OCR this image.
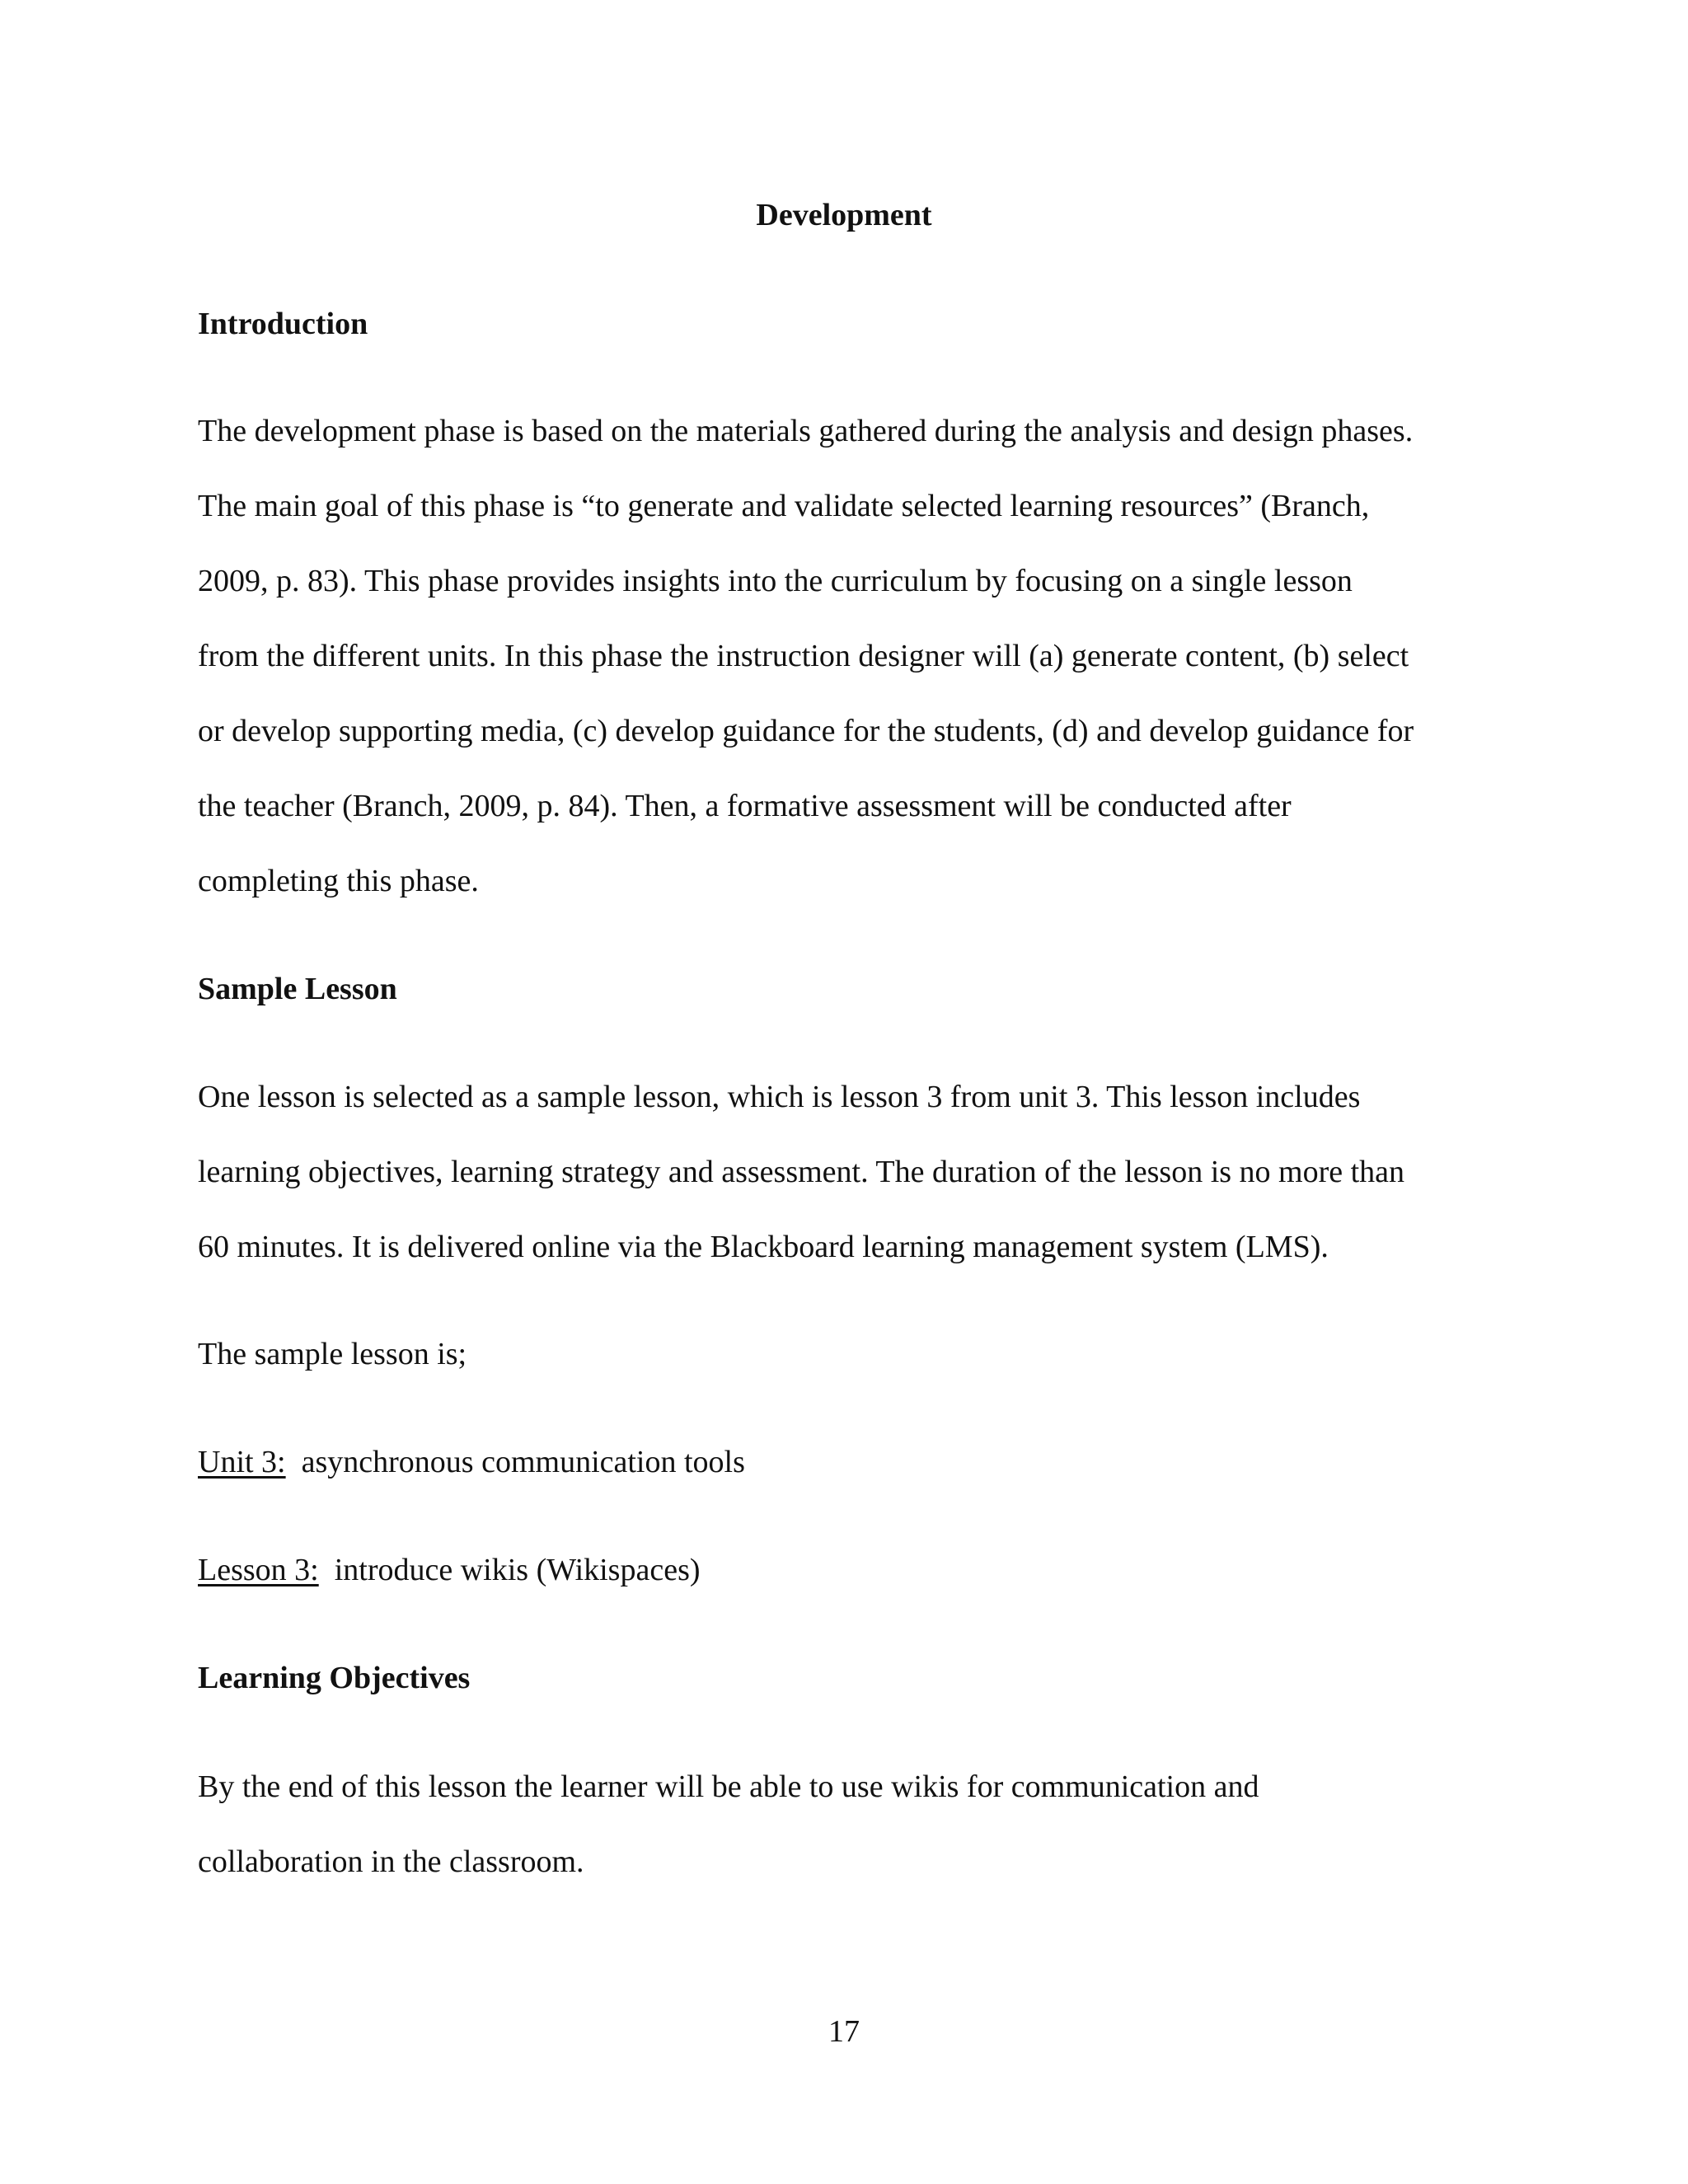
Development
Introduction
The development phase is based on the materials gathered during the analysis and design phases.
The main goal of this phase is “to generate and validate selected learning resources” (Branch,
2009, p. 83). This phase provides insights into the curriculum by focusing on a single lesson
from the different units. In this phase the instruction designer will (a) generate content, (b) select
or develop supporting media, (c) develop guidance for the students, (d) and develop guidance for
the teacher (Branch, 2009, p. 84). Then, a formative assessment will be conducted after
completing this phase.
Sample Lesson
One lesson is selected as a sample lesson, which is lesson 3 from unit 3. This lesson includes
learning objectives, learning strategy and assessment. The duration of the lesson is no more than
60 minutes. It is delivered online via the Blackboard learning management system (LMS).
The sample lesson is;
Unit 3: asynchronous communication tools
Lesson 3: introduce wikis (Wikispaces)
Learning Objectives
By the end of this lesson the learner will be able to use wikis for communication and
collaboration in the classroom.
17
